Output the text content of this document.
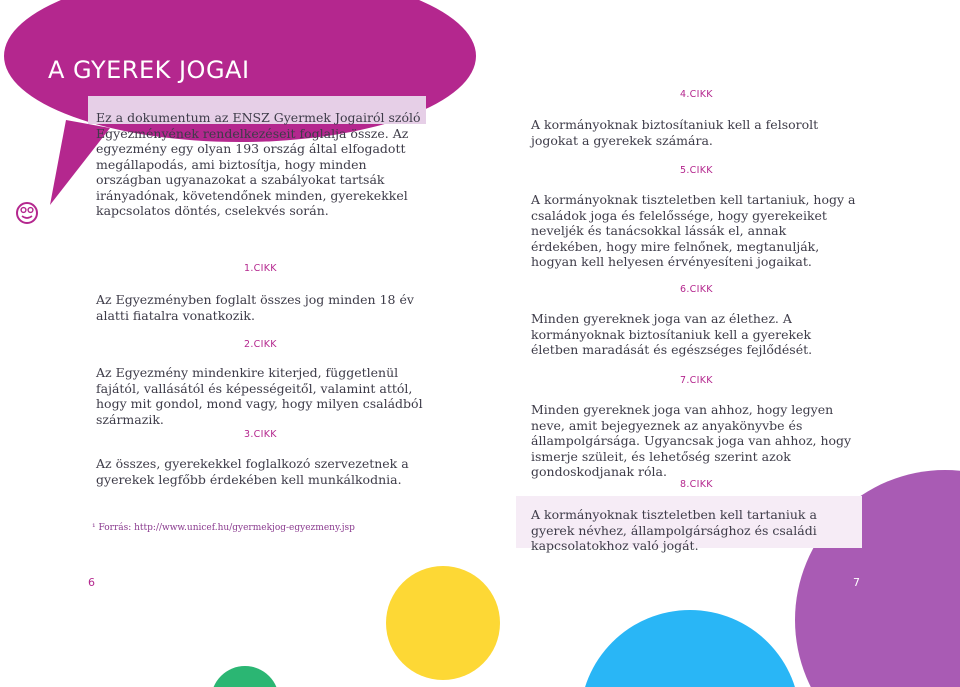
A GYEREK JOGAI

Ez a dokumentum az ENSZ Gyermek Jogairól szóló Egyezményének rendelkezéseit foglalja össze. Az egyezmény egy olyan 193 ország által elfogadott megállapodás, ami biztosítja, hogy minden országban ugyanazokat a szabályokat tartsák irányadónak, követendőnek minden, gyerekekkel kapcsolatos döntés, cselekvés során.

1.CIKK

Az Egyezményben foglalt összes jog minden 18 év alatti fiatalra vonatkozik.

2.CIKK

Az Egyezmény mindenkire kiterjed, függetlenül fajától, vallásától és képességeitől, valamint attól, hogy mit gondol, mond vagy, hogy milyen családból származik.

3.CIKK

Az összes, gyerekekkel foglalkozó szervezetnek a gyerekek legfőbb érdekében kell munkálkodnia.

¹ Forrás: http://www.unicef.hu/gyermekjog-egyezmeny.jsp
6	7
4.CIKK

A kormányoknak biztosítaniuk kell a felsorolt jogokat a gyerekek számára.

5.CIKK

A kormányoknak tiszteletben kell tartaniuk, hogy a családok joga és felelőssége, hogy gyerekeiket neveljék és tanácsokkal lássák el, annak érdekében, hogy mire felnőnek, megtanulják, hogyan kell helyesen érvényesíteni jogaikat.

6.CIKK

Minden gyereknek joga van az élethez. A kormányoknak biztosítaniuk kell a gyerekek életben maradását és egészséges fejlődését.

7.CIKK

Minden gyereknek joga van ahhoz, hogy legyen neve, amit bejegyeznek az anyakönyvbe és állampolgársága. Ugyancsak joga van ahhoz, hogy ismerje szüleit, és lehetőség szerint azok gondoskodjanak róla.

8.CIKK

A kormányoknak tiszteletben kell tartaniuk a gyerek névhez, állampolgársághoz és családi kapcsolatokhoz való jogát.
